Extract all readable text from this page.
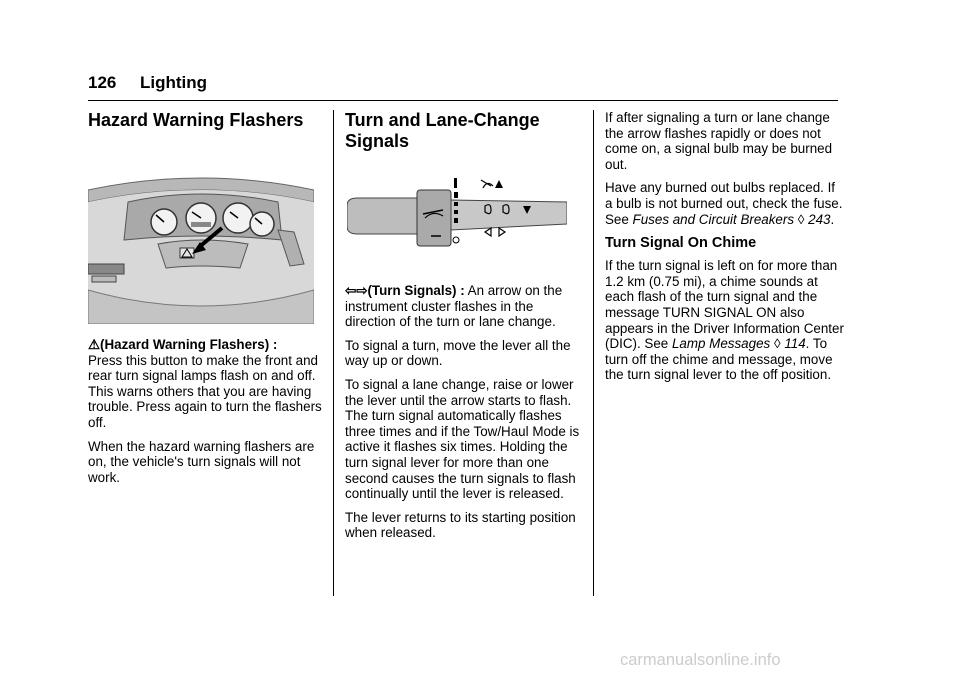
126 Lighting
Hazard Warning Flashers

⚠(Hazard Warning Flashers) :
Press this button to make the front and rear turn signal lamps flash on and off. This warns others that you are having trouble. Press again to turn the flashers off.

When the hazard warning flashers are on, the vehicle's turn signals will not work.

Turn and Lane-Change Signals

⇦⇨(Turn Signals) : An arrow on the instrument cluster flashes in the direction of the turn or lane change.

To signal a turn, move the lever all the way up or down.

To signal a lane change, raise or lower the lever until the arrow starts to flash. The turn signal automatically flashes three times and if the Tow/Haul Mode is active it flashes six times. Holding the turn signal lever for more than one second causes the turn signals to flash continually until the lever is released.

The lever returns to its starting position when released.

If after signaling a turn or lane change the arrow flashes rapidly or does not come on, a signal bulb may be burned out.

Have any burned out bulbs replaced. If a bulb is not burned out, check the fuse. See Fuses and Circuit Breakers ◊ 243.

Turn Signal On Chime

If the turn signal is left on for more than 1.2 km (0.75 mi), a chime sounds at each flash of the turn signal and the message TURN SIGNAL ON also appears in the Driver Information Center (DIC). See Lamp Messages ◊ 114. To turn off the chime and message, move the turn signal lever to the off position.

carmanualsonline.info
